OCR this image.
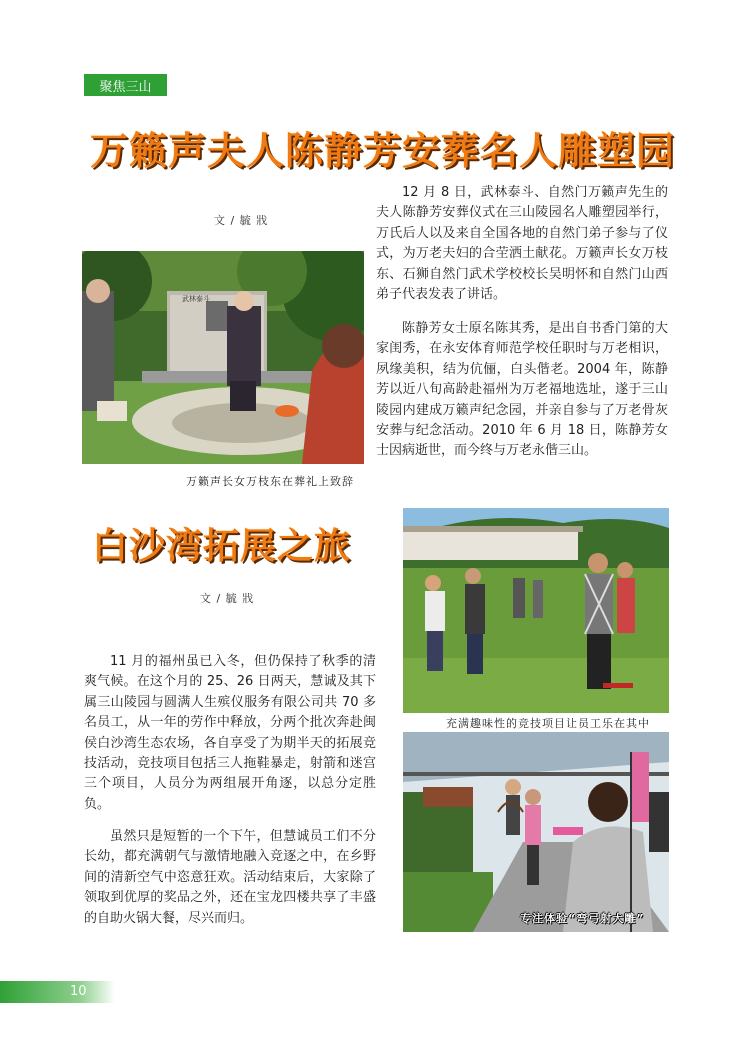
聚焦三山
万籁声夫人陈静芳安葬名人雕塑园
文 / 毓 戕
武林泰斗
万籁声长女万枝东在葬礼上致辞

12 月 8 日，武林泰斗、自然门万籁声先生的夫人陈静芳安葬仪式在三山陵园名人雕塑园举行，万氏后人以及来自全国各地的自然门弟子参与了仪式，为万老夫妇的合茔洒土献花。万籁声长女万枝东、石狮自然门武术学校校长吴明怀和自然门山西弟子代表发表了讲话。

陈静芳女士原名陈其秀，是出自书香门第的大家闺秀，在永安体育师范学校任职时与万老相识，夙缘美积，结为伉俪，白头偕老。2004 年，陈静芳以近八旬高龄赴福州为万老福地选址，遂于三山陵园内建成万籁声纪念园，并亲自参与了万老骨灰安葬与纪念活动。2010 年 6 月 18 日，陈静芳女士因病逝世，而今终与万老永偕三山。

白沙湾拓展之旅
文 / 毓 戕

11 月的福州虽已入冬，但仍保持了秋季的清爽气候。在这个月的 25、26 日两天，慧诚及其下属三山陵园与圆满人生殡仪服务有限公司共 70 多名员工，从一年的劳作中释放，分两个批次奔赴闽侯白沙湾生态农场，各自享受了为期半天的拓展竞技活动，竞技项目包括三人拖鞋暴走，射箭和迷宫三个项目，人员分为两组展开角逐，以总分定胜负。

虽然只是短暂的一个下午，但慧诚员工们不分长幼，都充满朝气与激情地融入竞逐之中，在乡野间的清新空气中恣意狂欢。活动结束后，大家除了领取到优厚的奖品之外，还在宝龙四楼共享了丰盛的自助火锅大餐，尽兴而归。

充满趣味性的竞技项目让员工乐在其中
专注体验“弯弓射大雕”
10
